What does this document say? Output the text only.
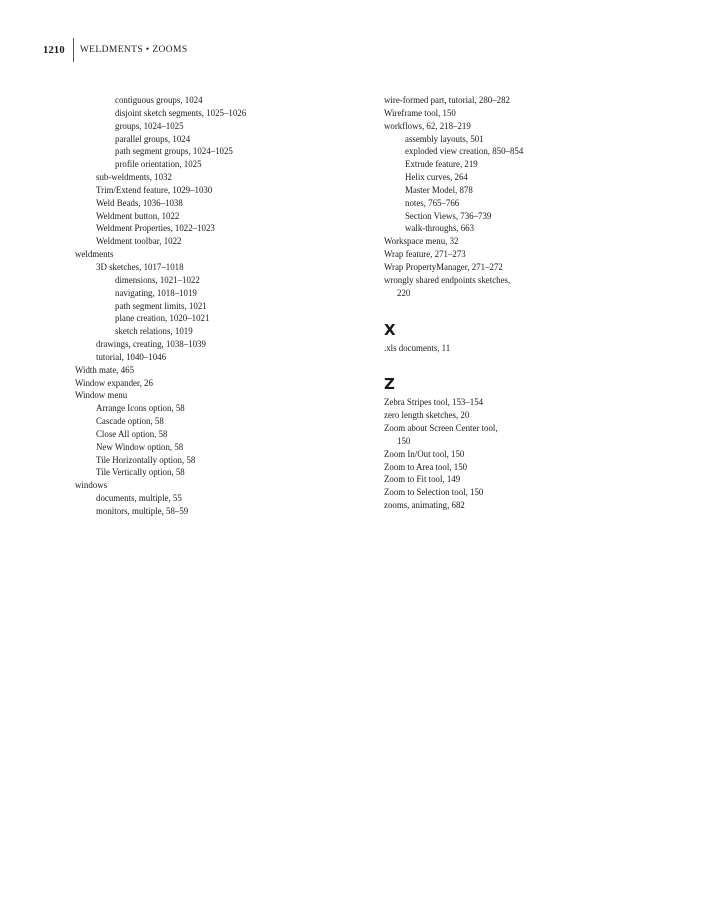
1210	WELDMENTS • ZOOMS
contiguous groups, 1024
disjoint sketch segments, 1025–1026
groups, 1024–1025
parallel groups, 1024
path segment groups, 1024–1025
profile orientation, 1025
sub-weldments, 1032
Trim/Extend feature, 1029–1030
Weld Beads, 1036–1038
Weldment button, 1022
Weldment Properties, 1022–1023
Weldment toolbar, 1022
weldments
3D sketches, 1017–1018
dimensions, 1021–1022
navigating, 1018–1019
path segment limits, 1021
plane creation, 1020–1021
sketch relations, 1019
drawings, creating, 1038–1039
tutorial, 1040–1046
Width mate, 465
Window expander, 26
Window menu
Arrange Icons option, 58
Cascade option, 58
Close All option, 58
New Window option, 58
Tile Horizontally option, 58
Tile Vertically option, 58
windows
documents, multiple, 55
monitors, multiple, 58–59
wire-formed part, tutorial, 280–282
Wireframe tool, 150
workflows, 62, 218–219
assembly layouts, 501
exploded view creation, 850–854
Extrude feature, 219
Helix curves, 264
Master Model, 878
notes, 765–766
Section Views, 736–739
walk-throughs, 663
Workspace menu, 32
Wrap feature, 271–273
Wrap PropertyManager, 271–272
wrongly shared endpoints sketches,
220
X
.xls documents, 11
Z
Zebra Stripes tool, 153–154
zero length sketches, 20
Zoom about Screen Center tool,
150
Zoom In/Out tool, 150
Zoom to Area tool, 150
Zoom to Fit tool, 149
Zoom to Selection tool, 150
zooms, animating, 682
